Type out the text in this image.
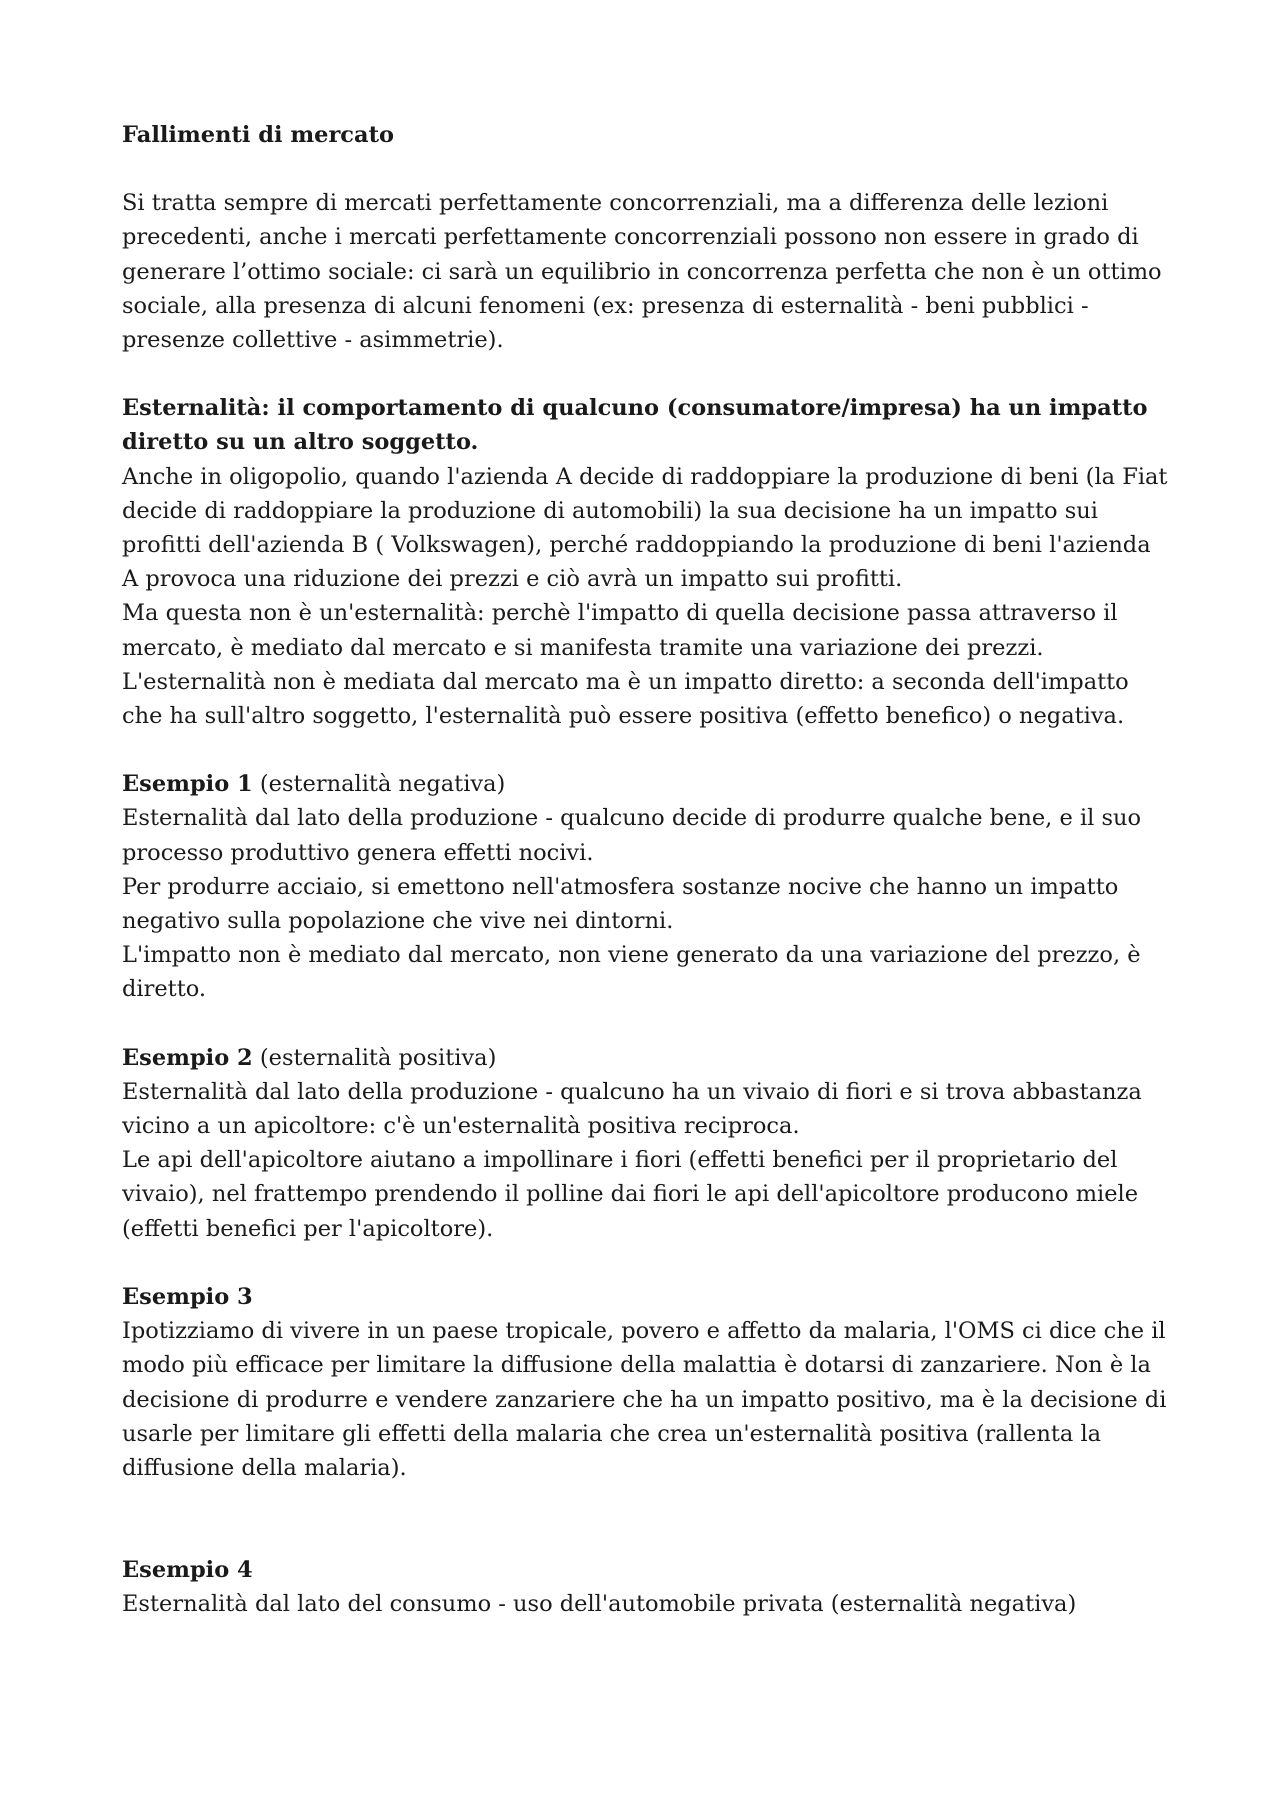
Fallimenti di mercato

Si tratta sempre di mercati perfettamente concorrenziali, ma a differenza delle lezioni precedenti, anche i mercati perfettamente concorrenziali possono non essere in grado di generare l’ottimo sociale: ci sarà un equilibrio in concorrenza perfetta che non è un ottimo sociale, alla presenza di alcuni fenomeni (ex: presenza di esternalità - beni pubblici - presenze collettive - asimmetrie).

Esternalità: il comportamento di qualcuno (consumatore/impresa) ha un impatto diretto su un altro soggetto.

Anche in oligopolio, quando l'azienda A decide di raddoppiare la produzione di beni (la Fiat decide di raddoppiare la produzione di automobili) la sua decisione ha un impatto sui profitti dell'azienda B ( Volkswagen), perché raddoppiando la produzione di beni l'azienda A provoca una riduzione dei prezzi e ciò avrà un impatto sui profitti.

Ma questa non è un'esternalità: perchè l'impatto di quella decisione passa attraverso il mercato, è mediato dal mercato e si manifesta tramite una variazione dei prezzi.

L'esternalità non è mediata dal mercato ma è un impatto diretto: a seconda dell'impatto che ha sull'altro soggetto, l'esternalità può essere positiva (effetto benefico) o negativa.

Esempio 1 (esternalità negativa)

Esternalità dal lato della produzione - qualcuno decide di produrre qualche bene, e il suo processo produttivo genera effetti nocivi.

Per produrre acciaio, si emettono nell'atmosfera sostanze nocive che hanno un impatto negativo sulla popolazione che vive nei dintorni.

L'impatto non è mediato dal mercato, non viene generato da una variazione del prezzo, è diretto.

Esempio 2 (esternalità positiva)

Esternalità dal lato della produzione - qualcuno ha un vivaio di fiori e si trova abbastanza vicino a un apicoltore: c'è un'esternalità positiva reciproca.

Le api dell'apicoltore aiutano a impollinare i fiori (effetti benefici per il proprietario del vivaio), nel frattempo prendendo il polline dai fiori le api dell'apicoltore producono miele (effetti benefici per l'apicoltore).

Esempio 3

Ipotizziamo di vivere in un paese tropicale, povero e affetto da malaria, l'OMS ci dice che il modo più efficace per limitare la diffusione della malattia è dotarsi di zanzariere. Non è la decisione di produrre e vendere zanzariere che ha un impatto positivo, ma è la decisione di usarle per limitare gli effetti della malaria che crea un'esternalità positiva (rallenta la diffusione della malaria).

Esempio 4

Esternalità dal lato del consumo - uso dell'automobile privata (esternalità negativa)
